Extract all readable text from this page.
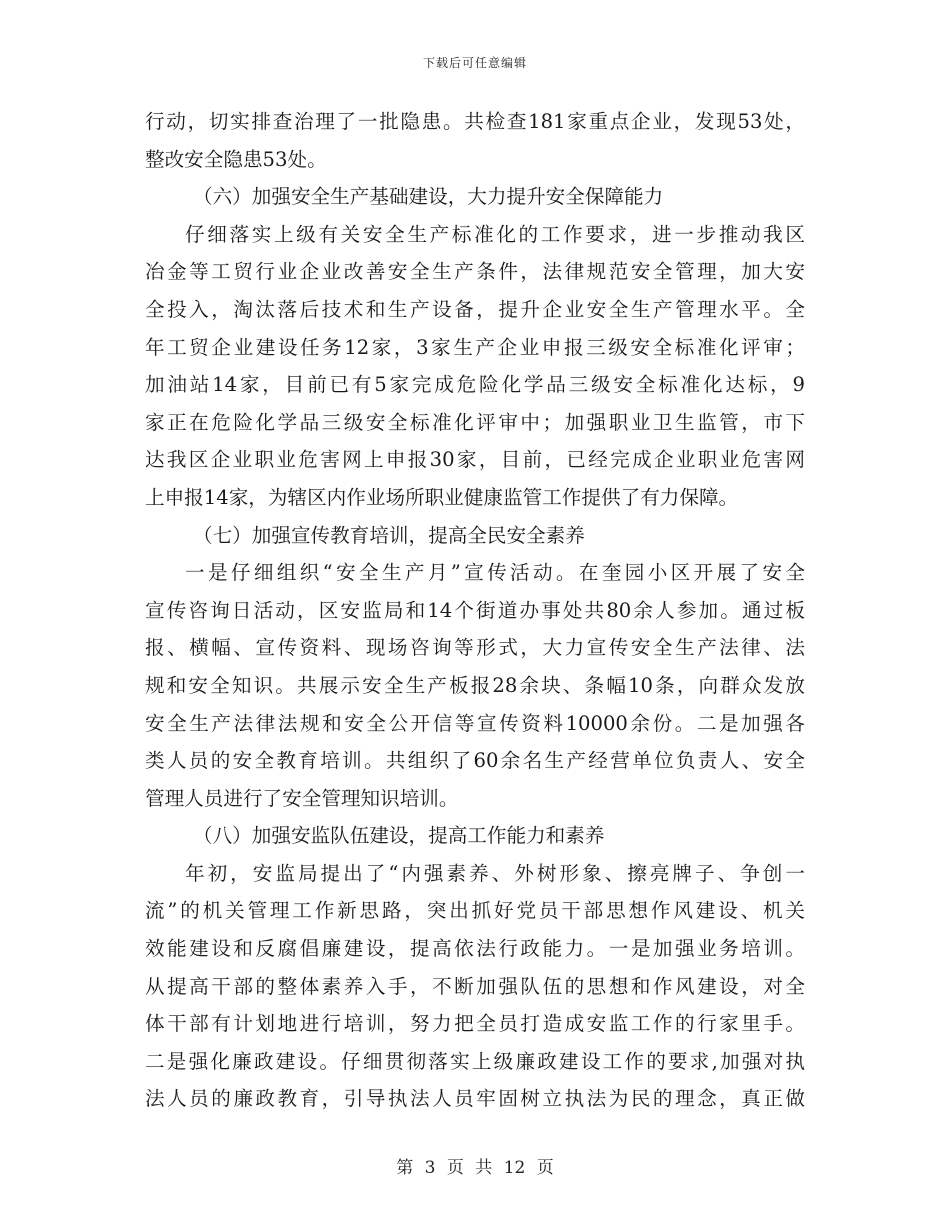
下载后可任意编辑
行动，切实排查治理了一批隐患。共检查181家重点企业，发现53处，
整改安全隐患53处。
（六）加强安全生产基础建设，大力提升安全保障能力
仔细落实上级有关安全生产标准化的工作要求，进一步推动我区
冶金等工贸行业企业改善安全生产条件，法律规范安全管理，加大安
全投入，淘汰落后技术和生产设备，提升企业安全生产管理水平。全
年工贸企业建设任务12家，3家生产企业申报三级安全标准化评审；
加油站14家，目前已有5家完成危险化学品三级安全标准化达标，9
家正在危险化学品三级安全标准化评审中；加强职业卫生监管，市下
达我区企业职业危害网上申报30家，目前，已经完成企业职业危害网
上申报14家，为辖区内作业场所职业健康监管工作提供了有力保障。
（七）加强宣传教育培训，提高全民安全素养
一是仔细组织“安全生产月”宣传活动。在奎园小区开展了安全
宣传咨询日活动，区安监局和14个街道办事处共80余人参加。通过板
报、横幅、宣传资料、现场咨询等形式，大力宣传安全生产法律、法
规和安全知识。共展示安全生产板报28余块、条幅10条，向群众发放
安全生产法律法规和安全公开信等宣传资料10000余份。二是加强各
类人员的安全教育培训。共组织了60余名生产经营单位负责人、安全
管理人员进行了安全管理知识培训。
（八）加强安监队伍建设，提高工作能力和素养
年初，安监局提出了“内强素养、外树形象、擦亮牌子、争创一
流”的机关管理工作新思路，突出抓好党员干部思想作风建设、机关
效能建设和反腐倡廉建设，提高依法行政能力。一是加强业务培训。
从提高干部的整体素养入手，不断加强队伍的思想和作风建设，对全
体干部有计划地进行培训，努力把全员打造成安监工作的行家里手。
二是强化廉政建设。仔细贯彻落实上级廉政建设工作的要求,加强对执
法人员的廉政教育，引导执法人员牢固树立执法为民的理念，真正做
第 3 页 共 12 页
